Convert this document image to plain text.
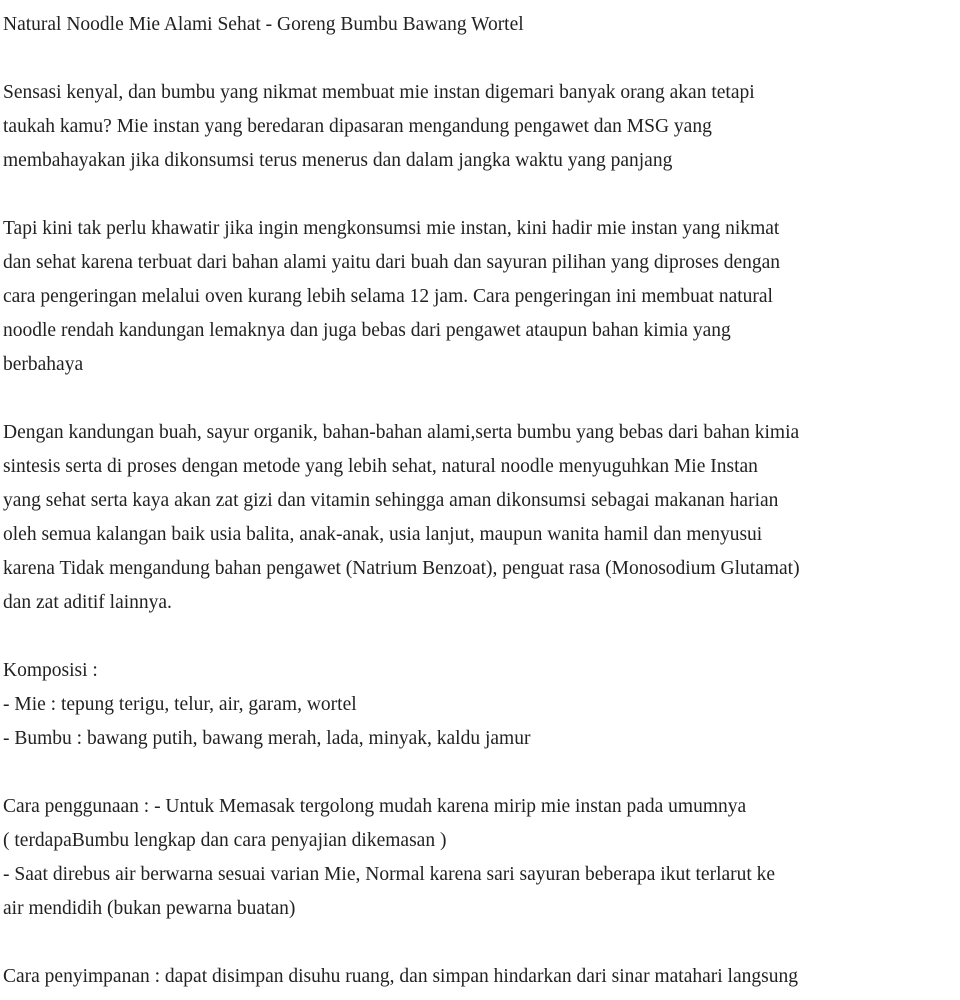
Natural Noodle Mie Alami Sehat - Goreng Bumbu Bawang Wortel
Sensasi kenyal, dan bumbu yang nikmat membuat mie instan digemari banyak orang akan tetapi
taukah kamu? Mie instan yang beredaran dipasaran mengandung pengawet dan MSG yang
membahayakan jika dikonsumsi terus menerus dan dalam jangka waktu yang panjang
Tapi kini tak perlu khawatir jika ingin mengkonsumsi mie instan, kini hadir mie instan yang nikmat
dan sehat karena terbuat dari bahan alami yaitu dari buah dan sayuran pilihan yang diproses dengan
cara pengeringan melalui oven kurang lebih selama 12 jam. Cara pengeringan ini membuat natural
noodle rendah kandungan lemaknya dan juga bebas dari pengawet ataupun bahan kimia yang
berbahaya
Dengan kandungan buah, sayur organik, bahan-bahan alami,serta bumbu yang bebas dari bahan kimia
sintesis serta di proses dengan metode yang lebih sehat, natural noodle menyuguhkan Mie Instan
yang sehat serta kaya akan zat gizi dan vitamin sehingga aman dikonsumsi sebagai makanan harian
oleh semua kalangan baik usia balita, anak-anak, usia lanjut, maupun wanita hamil dan menyusui
karena Tidak mengandung bahan pengawet (Natrium Benzoat), penguat rasa (Monosodium Glutamat)
dan zat aditif lainnya.
Komposisi :
- Mie : tepung terigu, telur, air, garam, wortel
- Bumbu : bawang putih, bawang merah, lada, minyak, kaldu jamur
Cara penggunaan : - Untuk Memasak tergolong mudah karena mirip mie instan pada umumnya
( terdapaBumbu lengkap dan cara penyajian dikemasan )
- Saat direbus air berwarna sesuai varian Mie, Normal karena sari sayuran beberapa ikut terlarut ke
air mendidih (bukan pewarna buatan)
Cara penyimpanan : dapat disimpan disuhu ruang, dan simpan hindarkan dari sinar matahari langsung
